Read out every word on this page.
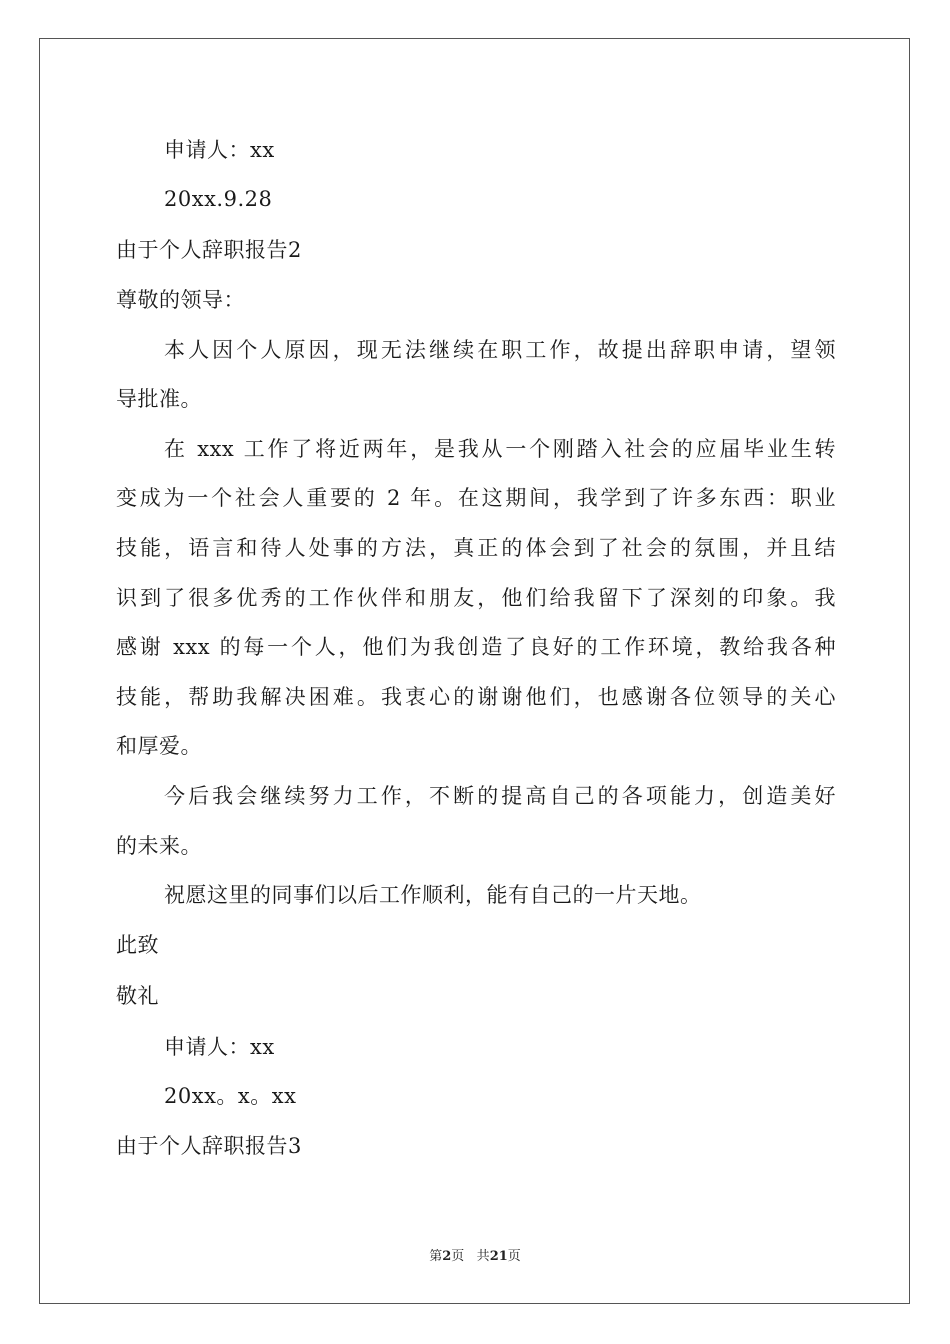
申请人：xx
20xx.9.28
由于个人辞职报告2
尊敬的领导：
本人因个人原因，现无法继续在职工作，故提出辞职申请，望领
导批准。
在 xxx 工作了将近两年，是我从一个刚踏入社会的应届毕业生转
变成为一个社会人重要的 2 年。在这期间，我学到了许多东西：职业
技能，语言和待人处事的方法，真正的体会到了社会的氛围，并且结
识到了很多优秀的工作伙伴和朋友，他们给我留下了深刻的印象。我
感谢 xxx 的每一个人，他们为我创造了良好的工作环境，教给我各种
技能，帮助我解决困难。我衷心的谢谢他们，也感谢各位领导的关心
和厚爱。
今后我会继续努力工作，不断的提高自己的各项能力，创造美好
的未来。
祝愿这里的同事们以后工作顺利，能有自己的一片天地。
此致
敬礼
申请人：xx
20xx。x。xx
由于个人辞职报告3
第2页 共21页
